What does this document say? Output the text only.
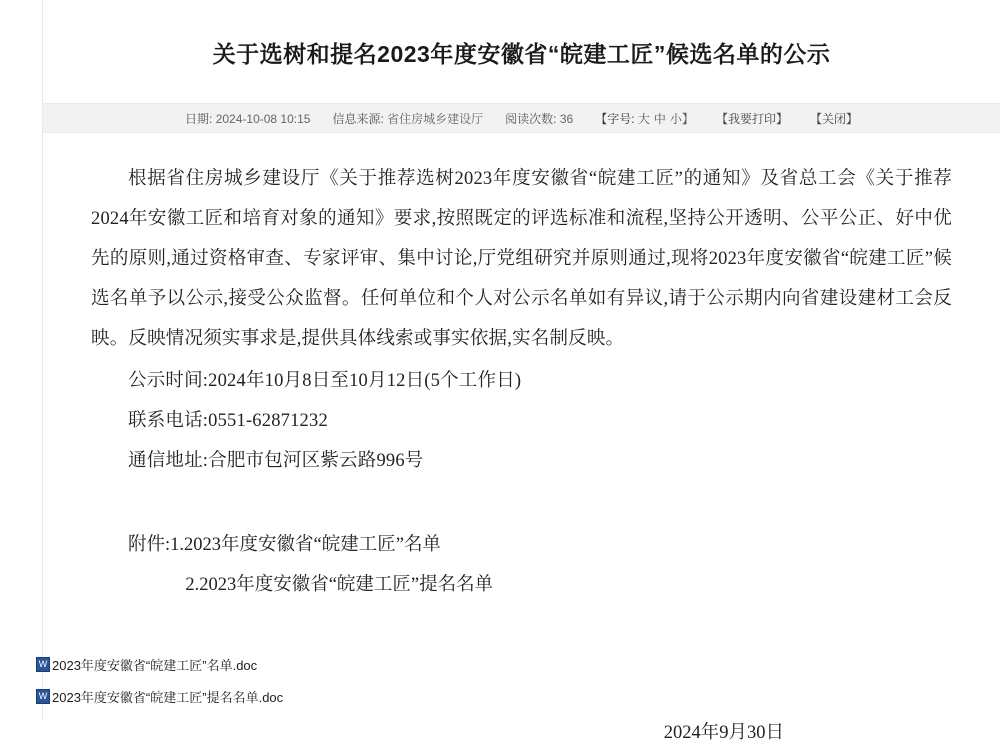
关于选树和提名2023年度安徽省“皖建工匠”候选名单的公示
日期: 2024-10-08 10:15	信息来源: 省住房城乡建设厅	阅读次数: 36	【字号: 大 中 小】	【我要打印】	【关闭】

根据省住房城乡建设厅《关于推荐选树2023年度安徽省“皖建工匠”的通知》及省总工会《关于推荐2024年安徽工匠和培育对象的通知》要求,按照既定的评选标准和流程,坚持公开透明、公平公正、好中优先的原则,通过资格审查、专家评审、集中讨论,厅党组研究并原则通过,现将2023年度安徽省“皖建工匠”候选名单予以公示,接受公众监督。任何单位和个人对公示名单如有异议,请于公示期内向省建设建材工会反映。反映情况须实事求是,提供具体线索或事实依据,实名制反映。

公示时间:2024年10月8日至10月12日(5个工作日)

联系电话:0551-62871232

通信地址:合肥市包河区紫云路996号

附件:1.2023年度安徽省“皖建工匠”名单

2.2023年度安徽省“皖建工匠”提名名单

2024年9月30日
W 2023年度安徽省“皖建工匠”名单.doc
W 2023年度安徽省“皖建工匠”提名名单.doc
